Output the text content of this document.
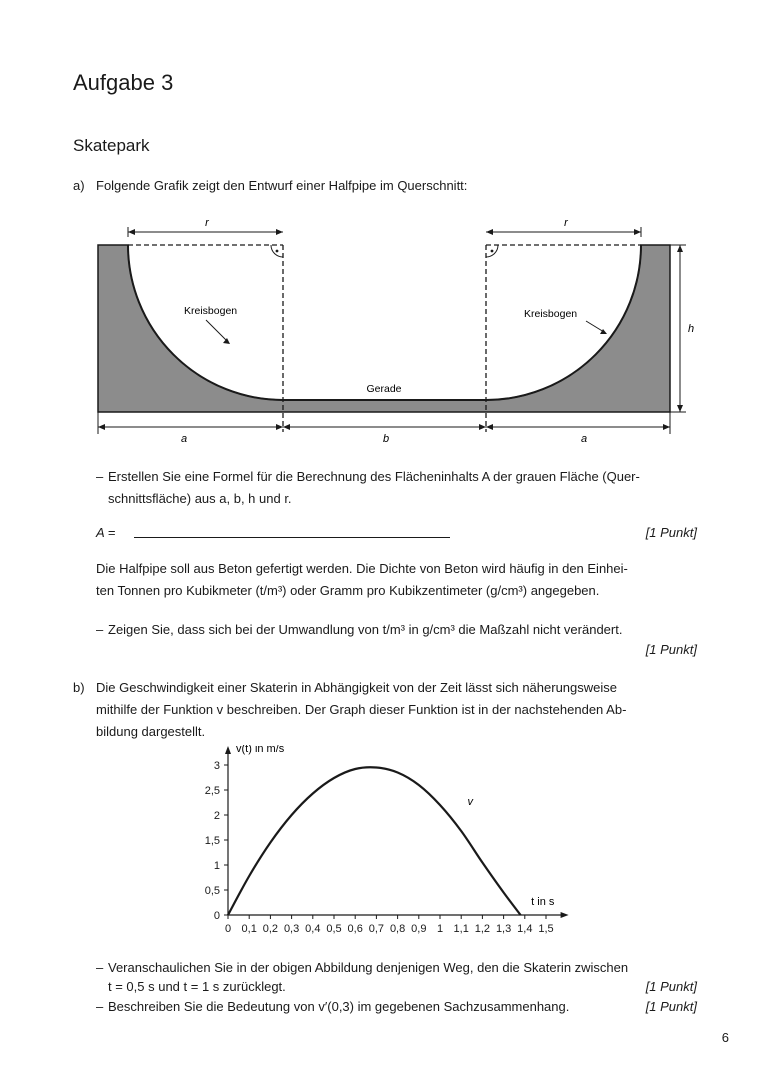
Aufgabe 3
Skatepark
a) Folgende Grafik zeigt den Entwurf einer Halfpipe im Querschnitt:
r	r
h
a	b	a
Kreisbogen	Kreisbogen
Gerade
– Erstellen Sie eine Formel für die Berechnung des Flächeninhalts A der grauen Fläche (Quer-
schnittsfläche) aus a, b, h und r.
A =	[1 Punkt]
Die Halfpipe soll aus Beton gefertigt werden. Die Dichte von Beton wird häufig in den Einhei-
ten Tonnen pro Kubikmeter (t/m³) oder Gramm pro Kubikzentimeter (g/cm³) angegeben.
– Zeigen Sie, dass sich bei der Umwandlung von t/m³ in g/cm³ die Maßzahl nicht verändert.
[1 Punkt]
b) Die Geschwindigkeit einer Skaterin in Abhängigkeit von der Zeit lässt sich näherungsweise
mithilfe der Funktion v beschreiben. Der Graph dieser Funktion ist in der nachstehenden Ab-
bildung dargestellt.
0 0,1 0,2 0,3 0,4 0,5 0,6 0,7 0,8 0,9 1 1,1 1,2 1,3 1,4 1,5
0
0,5
1
1,5
2
2,5
3
v(t) in m/s
t in s
v
– Veranschaulichen Sie in der obigen Abbildung denjenigen Weg, den die Skaterin zwischen
t = 0,5 s und t = 1 s zurücklegt.	[1 Punkt]
– Beschreiben Sie die Bedeutung von v′(0,3) im gegebenen Sachzusammenhang.	[1 Punkt]
6
